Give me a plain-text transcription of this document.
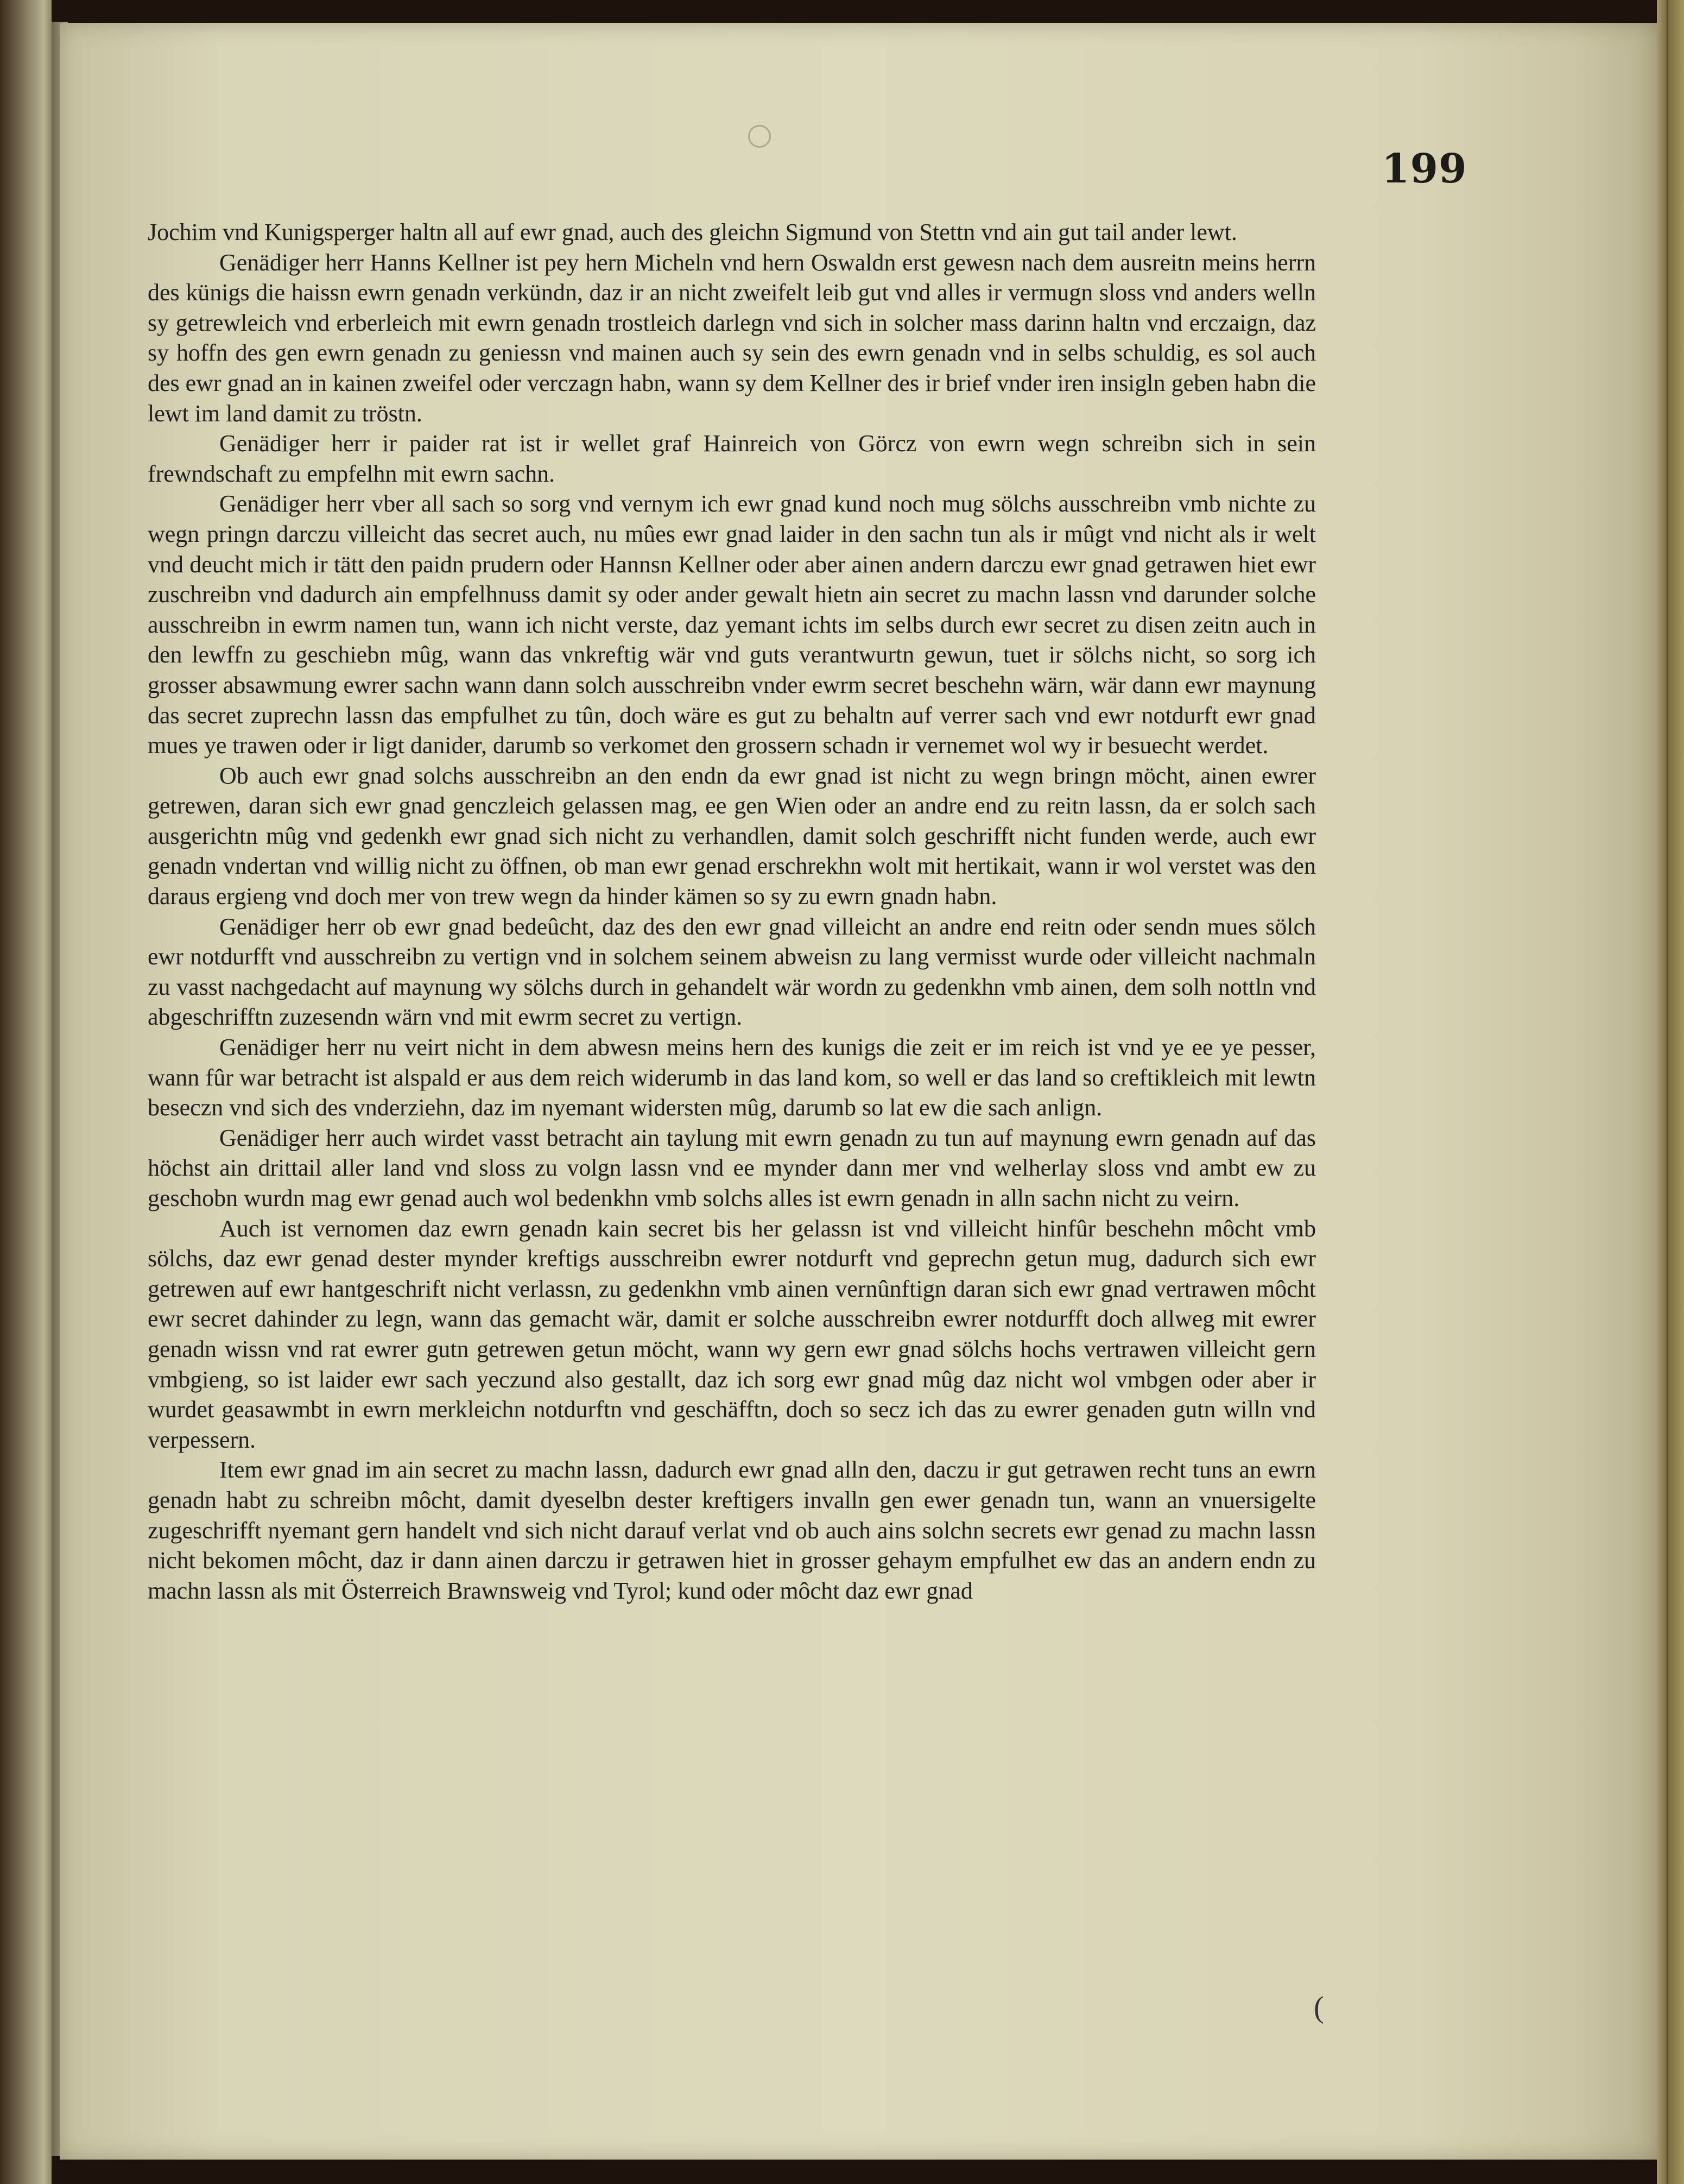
199

Jochim vnd Kunigsperger haltn all auf ewr gnad, auch des gleichn Sigmund von Stettn vnd ain gut tail ander lewt.

Genädiger herr Hanns Kellner ist pey hern Micheln vnd hern Oswaldn erst gewesn nach dem ausreitn meins herrn des künigs die haissn ewrn genadn verkündn, daz ir an nicht zweifelt leib gut vnd alles ir vermugn sloss vnd anders welln sy getrewleich vnd erberleich mit ewrn genadn trostleich darlegn vnd sich in solcher mass darinn haltn vnd erczaign, daz sy hoffn des gen ewrn genadn zu geniessn vnd mainen auch sy sein des ewrn genadn vnd in selbs schuldig, es sol auch des ewr gnad an in kainen zweifel oder verczagn habn, wann sy dem Kellner des ir brief vnder iren insigln geben habn die lewt im land damit zu tröstn.

Genädiger herr ir paider rat ist ir wellet graf Hainreich von Görcz von ewrn wegn schreibn sich in sein frewndschaft zu empfelhn mit ewrn sachn.

Genädiger herr vber all sach so sorg vnd vernym ich ewr gnad kund noch mug sölchs ausschreibn vmb nichte zu wegn pringn darczu villeicht das secret auch, nu mûes ewr gnad laider in den sachn tun als ir mûgt vnd nicht als ir welt vnd deucht mich ir tätt den paidn prudern oder Hannsn Kellner oder aber ainen andern darczu ewr gnad getrawen hiet ewr zuschreibn vnd dadurch ain empfelhnuss damit sy oder ander gewalt hietn ain secret zu machn lassn vnd darunder solche ausschreibn in ewrm namen tun, wann ich nicht verste, daz yemant ichts im selbs durch ewr secret zu disen zeitn auch in den lewffn zu geschiebn mûg, wann das vnkreftig wär vnd guts verantwurtn gewun, tuet ir sölchs nicht, so sorg ich grosser absawmung ewrer sachn wann dann solch ausschreibn vnder ewrm secret beschehn wärn, wär dann ewr maynung das secret zuprechn lassn das empfulhet zu tûn, doch wäre es gut zu behaltn auf verrer sach vnd ewr notdurft ewr gnad mues ye trawen oder ir ligt danider, darumb so verkomet den grossern schadn ir vernemet wol wy ir besuecht werdet.

Ob auch ewr gnad solchs ausschreibn an den endn da ewr gnad ist nicht zu wegn bringn möcht, ainen ewrer getrewen, daran sich ewr gnad genczleich gelassen mag, ee gen Wien oder an andre end zu reitn lassn, da er solch sach ausgerichtn mûg vnd gedenkh ewr gnad sich nicht zu verhandlen, damit solch geschrifft nicht funden werde, auch ewr genadn vndertan vnd willig nicht zu öffnen, ob man ewr genad erschrekhn wolt mit hertikait, wann ir wol verstet was den daraus ergieng vnd doch mer von trew wegn da hinder kämen so sy zu ewrn gnadn habn.

Genädiger herr ob ewr gnad bedeûcht, daz des den ewr gnad villeicht an andre end reitn oder sendn mues sölch ewr notdurfft vnd ausschreibn zu vertign vnd in solchem seinem abweisn zu lang vermisst wurde oder villeicht nachmaln zu vasst nachgedacht auf maynung wy sölchs durch in gehandelt wär wordn zu gedenkhn vmb ainen, dem solh nottln vnd abgeschrifftn zuzesendn wärn vnd mit ewrm secret zu vertign.

Genädiger herr nu veirt nicht in dem abwesn meins hern des kunigs die zeit er im reich ist vnd ye ee ye pesser, wann fûr war betracht ist alspald er aus dem reich widerumb in das land kom, so well er das land so creftikleich mit lewtn beseczn vnd sich des vnderziehn, daz im nyemant widersten mûg, darumb so lat ew die sach anlign.

Genädiger herr auch wirdet vasst betracht ain taylung mit ewrn genadn zu tun auf maynung ewrn genadn auf das höchst ain drittail aller land vnd sloss zu volgn lassn vnd ee mynder dann mer vnd welherlay sloss vnd ambt ew zu geschobn wurdn mag ewr genad auch wol bedenkhn vmb solchs alles ist ewrn genadn in alln sachn nicht zu veirn.

Auch ist vernomen daz ewrn genadn kain secret bis her gelassn ist vnd villeicht hinfûr beschehn môcht vmb sölchs, daz ewr genad dester mynder kreftigs ausschreibn ewrer notdurft vnd geprechn getun mug, dadurch sich ewr getrewen auf ewr hantgeschrift nicht verlassn, zu gedenkhn vmb ainen vernûnftign daran sich ewr gnad vertrawen môcht ewr secret dahinder zu legn, wann das gemacht wär, damit er solche ausschreibn ewrer notdurfft doch allweg mit ewrer genadn wissn vnd rat ewrer gutn getrewen getun möcht, wann wy gern ewr gnad sölchs hochs vertrawen villeicht gern vmbgieng, so ist laider ewr sach yeczund also gestallt, daz ich sorg ewr gnad mûg daz nicht wol vmbgen oder aber ir wurdet geasawmbt in ewrn merkleichn notdurftn vnd geschäfftn, doch so secz ich das zu ewrer genaden gutn willn vnd verpessern.

Item ewr gnad im ain secret zu machn lassn, dadurch ewr gnad alln den, daczu ir gut getrawen recht tuns an ewrn genadn habt zu schreibn môcht, damit dyeselbn dester kreftigers invalln gen ewer genadn tun, wann an vnuersigelte zugeschrifft nyemant gern handelt vnd sich nicht darauf verlat vnd ob auch ains solchn secrets ewr genad zu machn lassn nicht bekomen môcht, daz ir dann ainen darczu ir getrawen hiet in grosser gehaym empfulhet ew das an andern endn zu machn lassn als mit Österreich Brawnsweig vnd Tyrol; kund oder môcht daz ewr gnad

(
